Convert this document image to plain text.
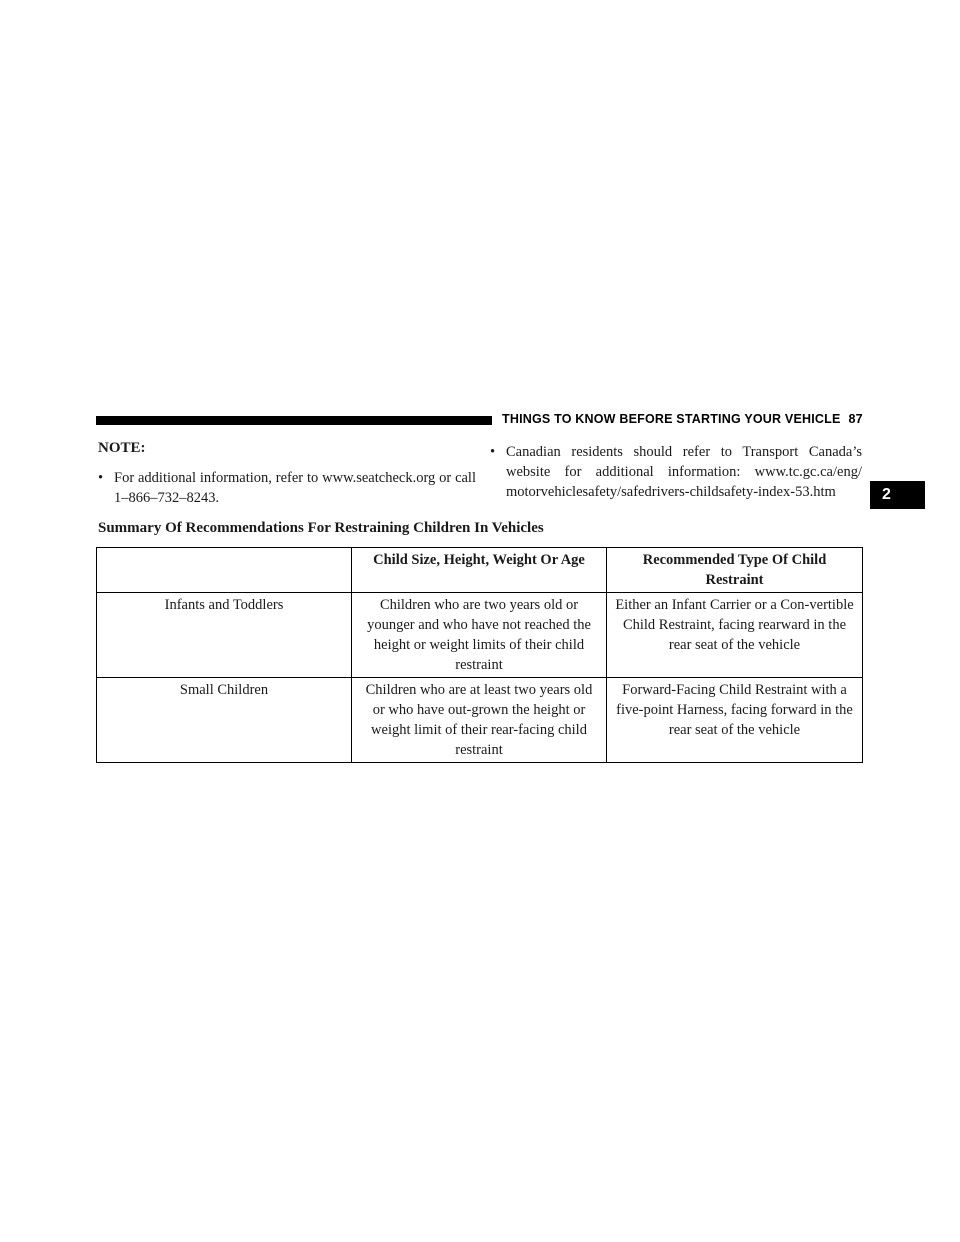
THINGS TO KNOW BEFORE STARTING YOUR VEHICLE 87
2
NOTE:
• For additional information, refer to www.seatcheck.org or call 1–866–732–8243.
• Canadian residents should refer to Transport Canada’s website for additional information: www.tc.gc.ca/eng/ motorvehiclesafety/safedrivers-childsafety-index-53.htm
Summary Of Recommendations For Restraining Children In Vehicles
	Child Size, Height, Weight Or Age	Recommended Type Of Child Restraint
Infants and Toddlers	Children who are two years old or younger and who have not reached the height or weight limits of their child restraint	Either an Infant Carrier or a Con-vertible Child Restraint, facing rearward in the rear seat of the vehicle
Small Children	Children who are at least two years old or who have out-grown the height or weight limit of their rear-facing child restraint	Forward-Facing Child Restraint with a five-point Harness, facing forward in the rear seat of the vehicle
